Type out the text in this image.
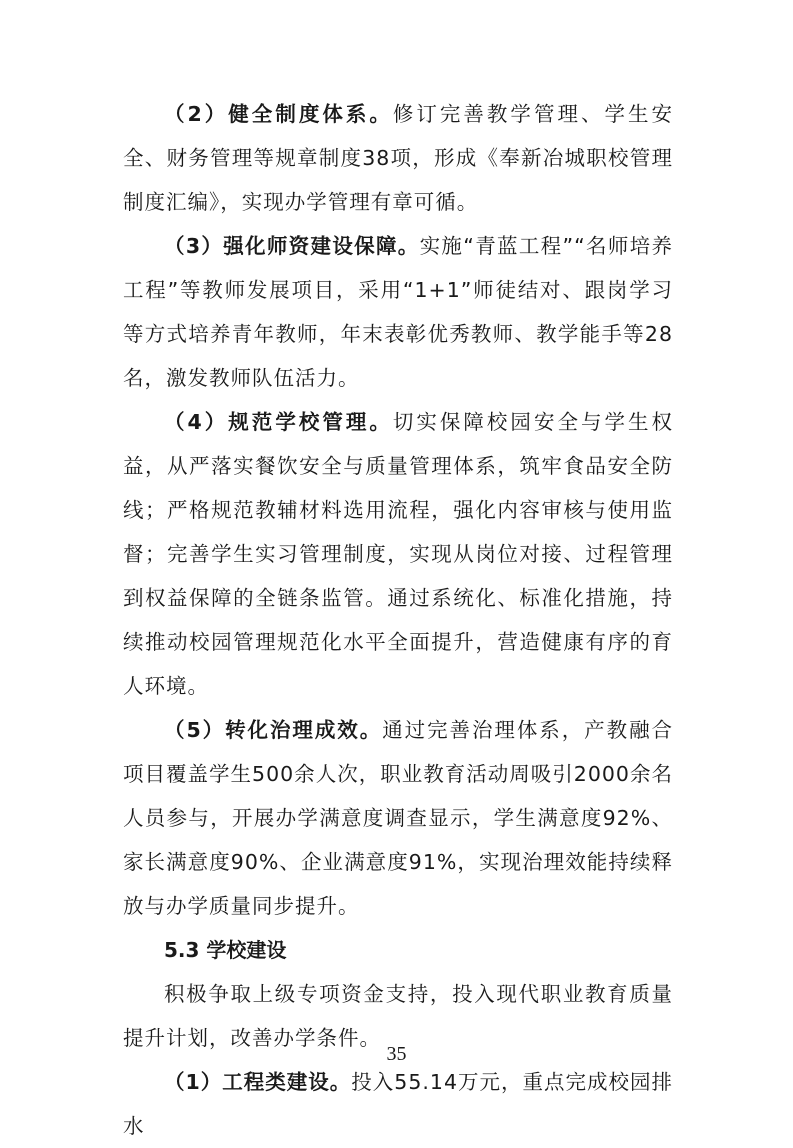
（2）健全制度体系。修订完善教学管理、学生安全、财务管理等规章制度38项，形成《奉新冶城职校管理制度汇编》，实现办学管理有章可循。

（3）强化师资建设保障。实施“青蓝工程”“名师培养工程”等教师发展项目，采用“1+1”师徒结对、跟岗学习等方式培养青年教师，年末表彰优秀教师、教学能手等28名，激发教师队伍活力。

（4）规范学校管理。切实保障校园安全与学生权益，从严落实餐饮安全与质量管理体系，筑牢食品安全防线；严格规范教辅材料选用流程，强化内容审核与使用监督；完善学生实习管理制度，实现从岗位对接、过程管理到权益保障的全链条监管。通过系统化、标准化措施，持续推动校园管理规范化水平全面提升，营造健康有序的育人环境。

（5）转化治理成效。通过完善治理体系，产教融合项目覆盖学生500余人次，职业教育活动周吸引2000余名人员参与，开展办学满意度调查显示，学生满意度92%、家长满意度90%、企业满意度91%，实现治理效能持续释放与办学质量同步提升。

5.3 学校建设

积极争取上级专项资金支持，投入现代职业教育质量提升计划，改善办学条件。

（1）工程类建设。投入55.14万元，重点完成校园排水

35
